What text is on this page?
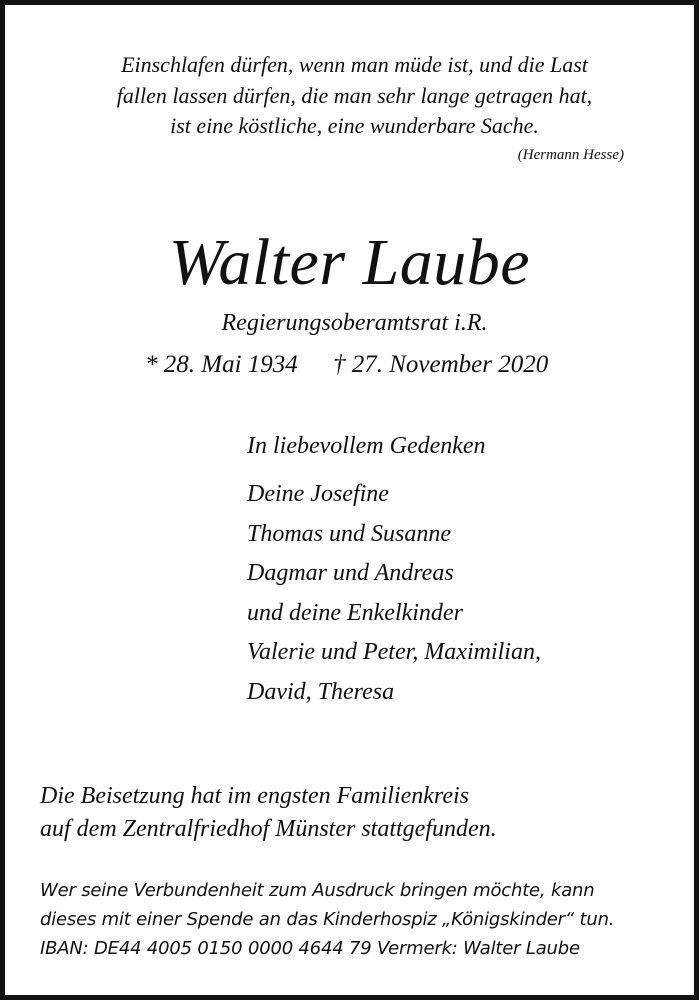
Einschlafen dürfen, wenn man müde ist, und die Last
fallen lassen dürfen, die man sehr lange getragen hat,
ist eine köstliche, eine wunderbare Sache.
(Hermann Hesse)
Walter Laube
Regierungsoberamtsrat i.R.
* 28. Mai 1934 † 27. November 2020
In liebevollem Gedenken
Deine Josefine
Thomas und Susanne
Dagmar und Andreas
und deine Enkelkinder
Valerie und Peter, Maximilian,
David, Theresa
Die Beisetzung hat im engsten Familienkreis
auf dem Zentralfriedhof Münster stattgefunden.
Wer seine Verbundenheit zum Ausdruck bringen möchte, kann
dieses mit einer Spende an das Kinderhospiz „Königskinder“ tun.
IBAN: DE44 4005 0150 0000 4644 79 Vermerk: Walter Laube
